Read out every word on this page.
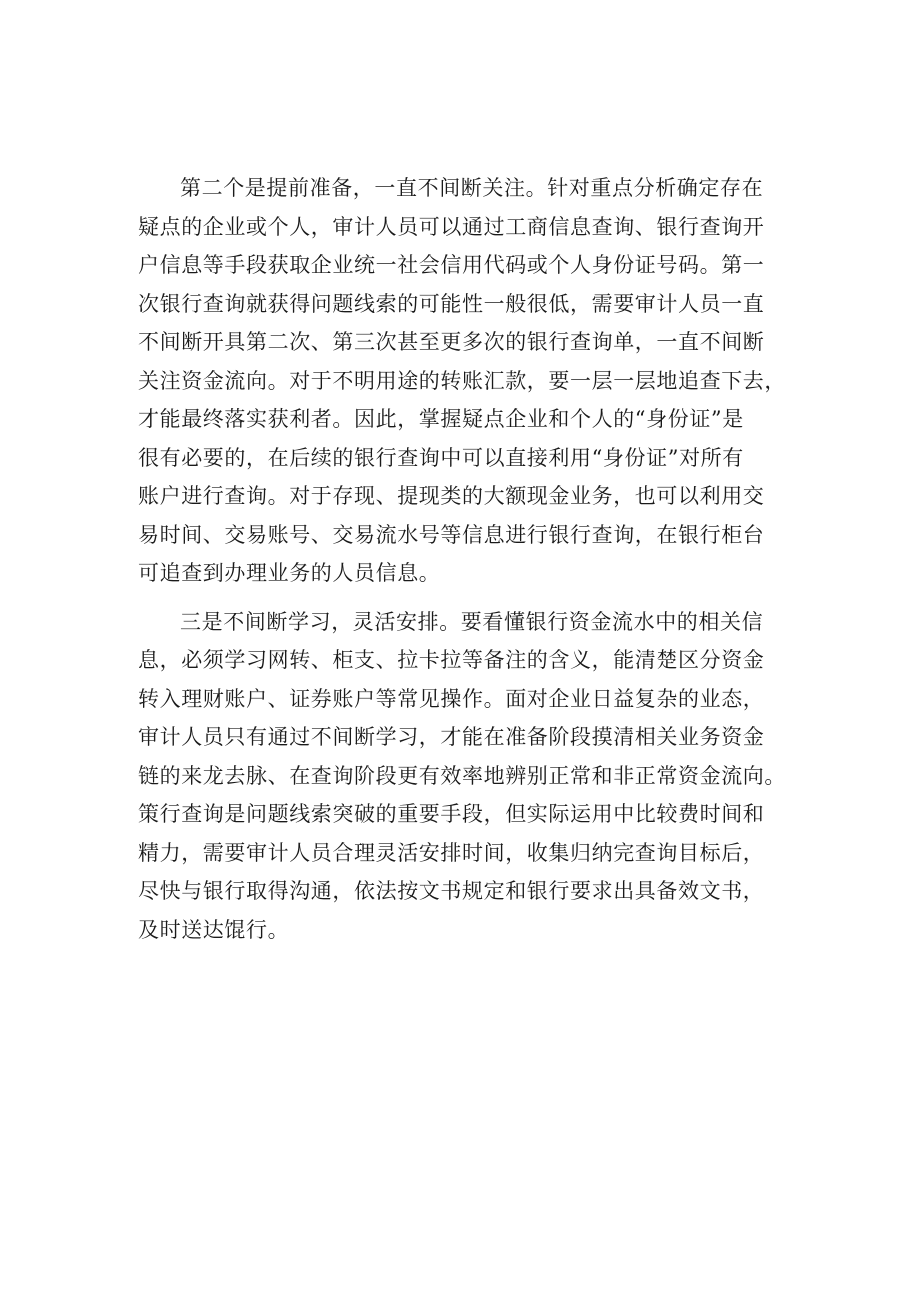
第二个是提前准备，一直不间断关注。针对重点分析确定存在
疑点的企业或个人，审计人员可以通过工商信息查询、银行查询开
户信息等手段获取企业统一社会信用代码或个人身份证号码。第一
次银行查询就获得问题线索的可能性一般很低，需要审计人员一直
不间断开具第二次、第三次甚至更多次的银行查询单，一直不间断
关注资金流向。对于不明用途的转账汇款，要一层一层地追查下去，
才能最终落实获利者。因此，掌握疑点企业和个人的“身份证”是
很有必要的，在后续的银行查询中可以直接利用“身份证”对所有
账户进行查询。对于存现、提现类的大额现金业务，也可以利用交
易时间、交易账号、交易流水号等信息进行银行查询，在银行柜台
可追查到办理业务的人员信息。

三是不间断学习，灵活安排。要看懂银行资金流水中的相关信
息，必须学习网转、柜支、拉卡拉等备注的含义，能清楚区分资金
转入理财账户、证券账户等常见操作。面对企业日益复杂的业态，
审计人员只有通过不间断学习，才能在准备阶段摸清相关业务资金
链的来龙去脉、在查询阶段更有效率地辨别正常和非正常资金流向。
策行查询是问题线索突破的重要手段，但实际运用中比较费时间和
精力，需要审计人员合理灵活安排时间，收集归纳完查询目标后，
尽快与银行取得沟通，依法按文书规定和银行要求出具备效文书，
及时送达馄行。
